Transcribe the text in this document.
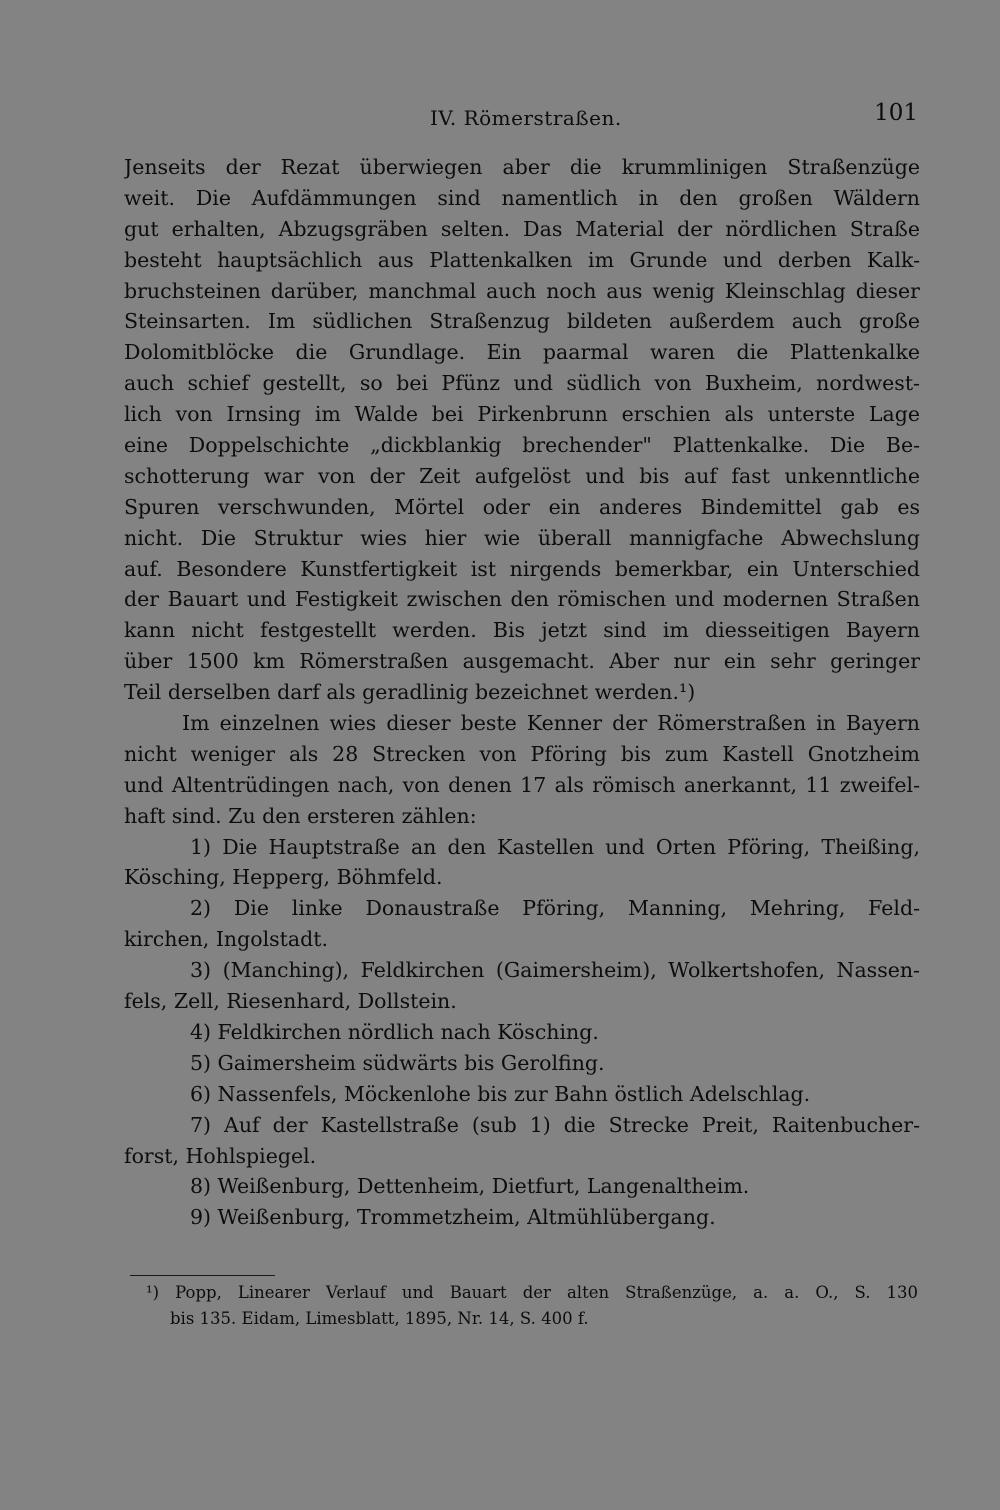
IV. Römerstraßen.	101
Jenseits der Rezat überwiegen aber die krummlinigen Straßenzüge
weit. Die Aufdämmungen sind namentlich in den großen Wäldern
gut erhalten, Abzugsgräben selten. Das Material der nördlichen Straße
besteht hauptsächlich aus Plattenkalken im Grunde und derben Kalk-
bruchsteinen darüber, manchmal auch noch aus wenig Kleinschlag dieser
Steinsarten. Im südlichen Straßenzug bildeten außerdem auch große
Dolomitblöcke die Grundlage. Ein paarmal waren die Plattenkalke
auch schief gestellt, so bei Pfünz und südlich von Buxheim, nordwest-
lich von Irnsing im Walde bei Pirkenbrunn erschien als unterste Lage
eine Doppelschichte „dickblankig brechender" Plattenkalke. Die Be-
schotterung war von der Zeit aufgelöst und bis auf fast unkenntliche
Spuren verschwunden, Mörtel oder ein anderes Bindemittel gab es
nicht. Die Struktur wies hier wie überall mannigfache Abwechslung
auf. Besondere Kunstfertigkeit ist nirgends bemerkbar, ein Unterschied
der Bauart und Festigkeit zwischen den römischen und modernen Straßen
kann nicht festgestellt werden. Bis jetzt sind im diesseitigen Bayern
über 1500 km Römerstraßen ausgemacht. Aber nur ein sehr geringer
Teil derselben darf als geradlinig bezeichnet werden.¹)
Im einzelnen wies dieser beste Kenner der Römerstraßen in Bayern
nicht weniger als 28 Strecken von Pföring bis zum Kastell Gnotzheim
und Altentrüdingen nach, von denen 17 als römisch anerkannt, 11 zweifel-
haft sind. Zu den ersteren zählen:
1) Die Hauptstraße an den Kastellen und Orten Pföring, Theißing,
Kösching, Hepperg, Böhmfeld.
2) Die linke Donaustraße Pföring, Manning, Mehring, Feld-
kirchen, Ingolstadt.
3) (Manching), Feldkirchen (Gaimersheim), Wolkertshofen, Nassen-
fels, Zell, Riesenhard, Dollstein.
4) Feldkirchen nördlich nach Kösching.
5) Gaimersheim südwärts bis Gerolfing.
6) Nassenfels, Möckenlohe bis zur Bahn östlich Adelschlag.
7) Auf der Kastellstraße (sub 1) die Strecke Preit, Raitenbucher-
forst, Hohlspiegel.
8) Weißenburg, Dettenheim, Dietfurt, Langenaltheim.
9) Weißenburg, Trommetzheim, Altmühlübergang.
¹) Popp, Linearer Verlauf und Bauart der alten Straßenzüge, a. a. O., S. 130
bis 135. Eidam, Limesblatt, 1895, Nr. 14, S. 400 f.
